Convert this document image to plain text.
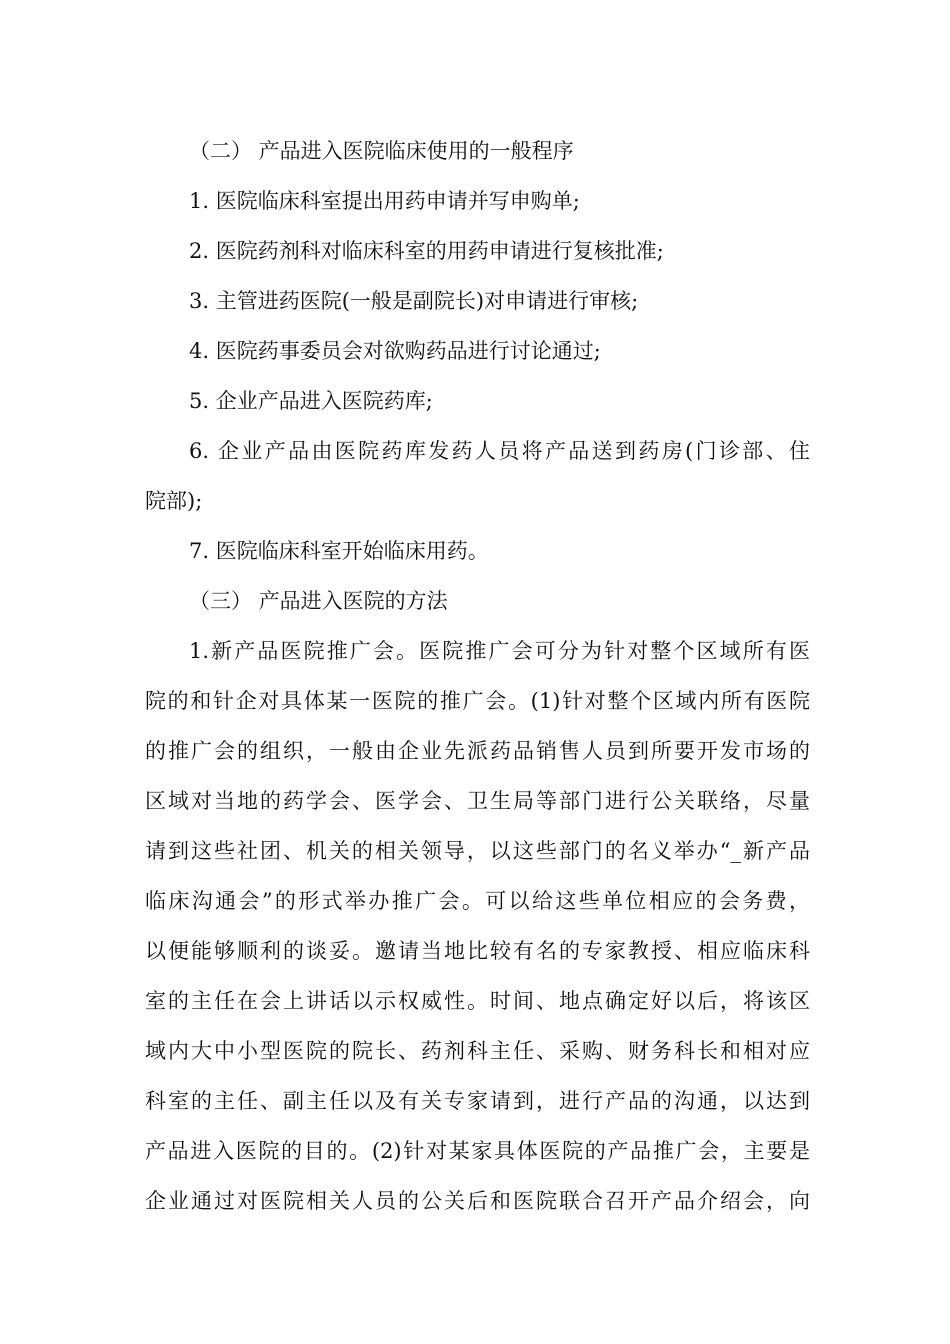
（二） 产品进入医院临床使用的一般程序
1. 医院临床科室提出用药申请并写申购单;
2. 医院药剂科对临床科室的用药申请进行复核批准;
3. 主管进药医院(一般是副院长)对申请进行审核;
4. 医院药事委员会对欲购药品进行讨论通过;
5. 企业产品进入医院药库;
6. 企业产品由医院药库发药人员将产品送到药房(门诊部、住
院部);
7. 医院临床科室开始临床用药。
（三） 产品进入医院的方法
1.新产品医院推广会。医院推广会可分为针对整个区域所有医
院的和针企对具体某一医院的推广会。(1)针对整个区域内所有医院
的推广会的组织，一般由企业先派药品销售人员到所要开发市场的
区域对当地的药学会、医学会、卫生局等部门进行公关联络，尽量
请到这些社团、机关的相关领导，以这些部门的名义举办“_新产品
临床沟通会”的形式举办推广会。可以给这些单位相应的会务费，
以便能够顺利的谈妥。邀请当地比较有名的专家教授、相应临床科
室的主任在会上讲话以示权威性。时间、地点确定好以后，将该区
域内大中小型医院的院长、药剂科主任、采购、财务科长和相对应
科室的主任、副主任以及有关专家请到，进行产品的沟通，以达到
产品进入医院的目的。(2)针对某家具体医院的产品推广会，主要是
企业通过对医院相关人员的公关后和医院联合召开产品介绍会，向
